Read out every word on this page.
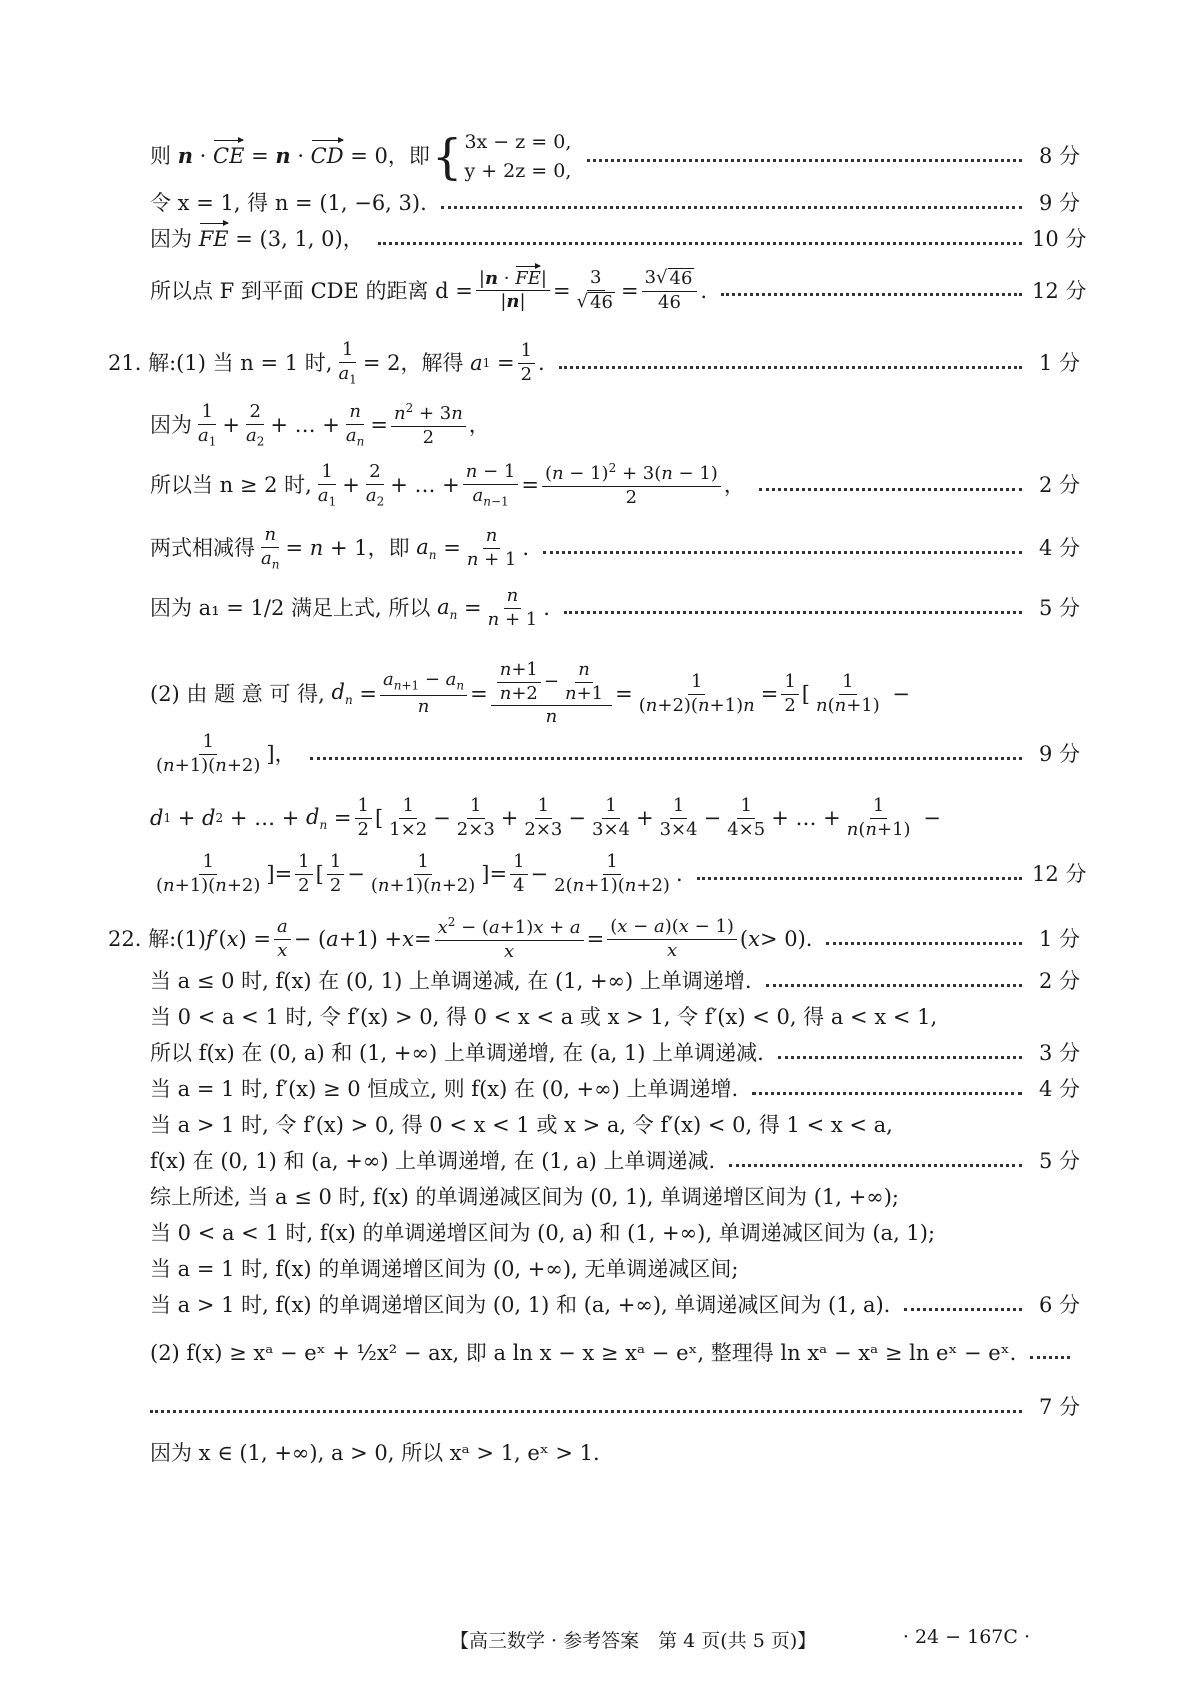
则 n · CE = n · CD = 0，即 { 3x − z = 0,
y + 2z = 0,
8 分
令 x = 1, 得 n = (1, −6, 3).	9 分
因为 FE = (3, 1, 0)，	10 分
所以点 F 到平面 CDE 的距离 $d = \frac{|n \cdot FE|}{|n|} = \frac{3}{√ 46} = \frac{3√ 46}{46}$ .	12 分
21. 解: (1) 当 n = 1 时, $\frac{1}{a_1} = 2$，解得 a $1 = \frac{1}{2}$ .	1 分
因为 $\frac{1}{a_1} + \frac{2}{a_2}$ + … + $\frac{n}{a_n} = \frac{n^2 + 3n}{2}$ ，
所以当 n ≥ 2 时, $\frac{1}{a_1} + \frac{2}{a_2}$ + … + $\frac{n - 1}{a_{n-1}} = \frac{(n - 1)^2 + 3(n - 1)}{2}$ ，	2 分
两式相减得 $\frac{n}{a_n} = n + 1$，即 $a_n = \frac{n}{n + 1}$ .	4 分
因为 a₁ = 1/2 满足上式, 所以
$a_n = \frac{n}{n + 1}$ .	5 分
(2) 由 题 意 可 得,
$d_n = \frac{a_{n+1} - a_n}{n} = \frac{\frac{n+1}{n+2} - \frac{n}{n+1}}{n} = \frac{1}{(n+2)(n+1)n} = \frac{1}{2}$ [ $\frac{1}{n(n+1)}$ −
$\frac{1}{(n+1)(n+2)}$ ]，	9 分
d 1 + d 2 + … + $d_n = \frac{1}{2}$ [ $\frac{1}{1\times 2} - \frac{1}{2\times 3} + \frac{1}{2\times 3} - \frac{1}{3\times 4} + \frac{1}{3\times 4} - \frac{1}{4\times 5}$ + … + $\frac{1}{n(n+1)}$ −
$\frac{1}{(n+1)(n+2)}$ ]= $\frac{1}{2}$ [ $\frac{1}{2} - \frac{1}{(n+1)(n+2)}$ ]= $\frac{1}{4} - \frac{1}{2(n+1)(n+2)}$ .	12 分
22. 解: (1) f ′( x ) = $\frac{a}{x}$ − ( $a +1) + x = \frac{x^2 - (a+1)x + a}{x} = \frac{(x - a)(x - 1)}{x}$ ( x > 0).	1 分
当 a ≤ 0 时, f(x) 在 (0, 1) 上单调递减, 在 (1, +∞) 上单调递增.	2 分
当 0 < a < 1 时, 令 f′(x) > 0, 得 0 < x < a 或 x > 1, 令 f′(x) < 0, 得 a < x < 1,
所以 f(x) 在 (0, a) 和 (1, +∞) 上单调递增, 在 (a, 1) 上单调递减.	3 分
当 a = 1 时, f′(x) ≥ 0 恒成立, 则 f(x) 在 (0, +∞) 上单调递增.	4 分
当 a > 1 时, 令 f′(x) > 0, 得 0 < x < 1 或 x > a, 令 f′(x) < 0, 得 1 < x < a,
f(x) 在 (0, 1) 和 (a, +∞) 上单调递增, 在 (1, a) 上单调递减.	5 分
综上所述, 当 a ≤ 0 时, f(x) 的单调递减区间为 (0, 1), 单调递增区间为 (1, +∞);
当 0 < a < 1 时, f(x) 的单调递增区间为 (0, a) 和 (1, +∞), 单调递减区间为 (a, 1);
当 a = 1 时, f(x) 的单调递增区间为 (0, +∞), 无单调递减区间;
当 a > 1 时, f(x) 的单调递增区间为 (0, 1) 和 (a, +∞), 单调递减区间为 (1, a).	6 分
(2) f(x) ≥ xᵃ − eˣ + ½x² − ax, 即 a ln x − x ≥ xᵃ − eˣ, 整理得 ln xᵃ − xᵃ ≥ ln eˣ − eˣ.
7 分
因为 x ∈ (1, +∞), a > 0, 所以 xᵃ > 1, eˣ > 1.
【高三数学 · 参考答案　第 4 页(共 5 页)】	· 24 − 167C ·
